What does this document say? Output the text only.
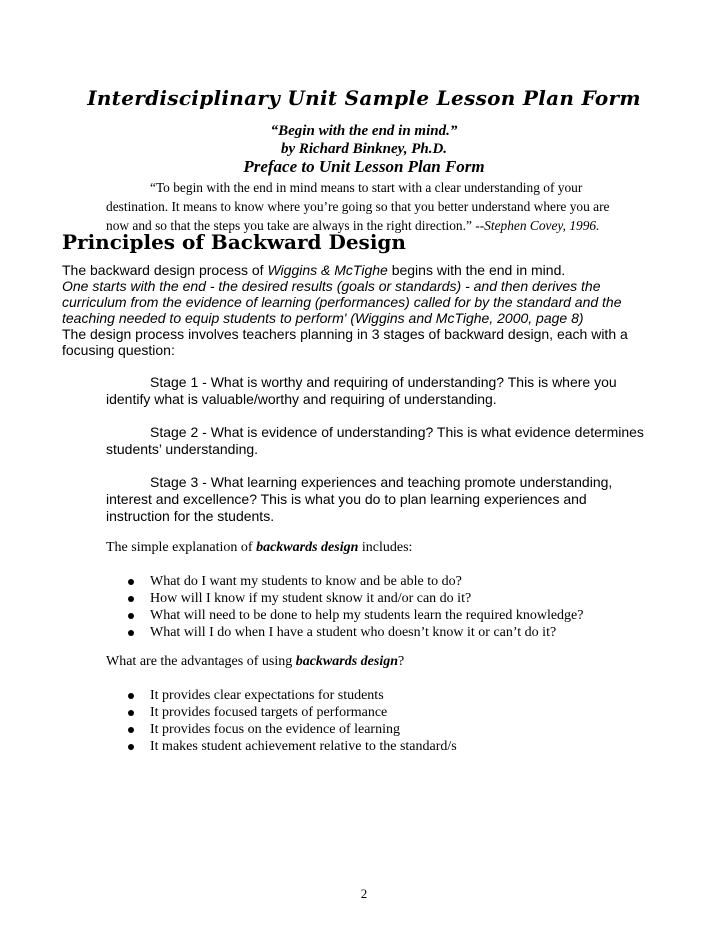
Interdisciplinary Unit Sample Lesson Plan Form
“Begin with the end in mind.”
by Richard Binkney, Ph.D.
Preface to Unit Lesson Plan Form
“To begin with the end in mind means to start with a clear understanding of your
destination. It means to know where you’re going so that you better understand where you are
now and so that the steps you take are always in the right direction.” --Stephen Covey, 1996.
Principles of Backward Design
The backward design process of Wiggins & McTighe begins with the end in mind.
One starts with the end - the desired results (goals or standards) - and then derives the
curriculum from the evidence of learning (performances) called for by the standard and the
teaching needed to equip students to perform' (Wiggins and McTighe, 2000, page 8)
The design process involves teachers planning in 3 stages of backward design, each with a
focusing question:
Stage 1 - What is worthy and requiring of understanding? This is where you
identify what is valuable/worthy and requiring of understanding.
Stage 2 - What is evidence of understanding? This is what evidence determines
students’ understanding.
Stage 3 - What learning experiences and teaching promote understanding,
interest and excellence? This is what you do to plan learning experiences and
instruction for the students.
The simple explanation of backwards design includes:
What do I want my students to know and be able to do?
How will I know if my student sknow it and/or can do it?
What will need to be done to help my students learn the required knowledge?
What will I do when I have a student who doesn’t know it or can’t do it?
What are the advantages of using backwards design?
It provides clear expectations for students
It provides focused targets of performance
It provides focus on the evidence of learning
It makes student achievement relative to the standard/s
2
